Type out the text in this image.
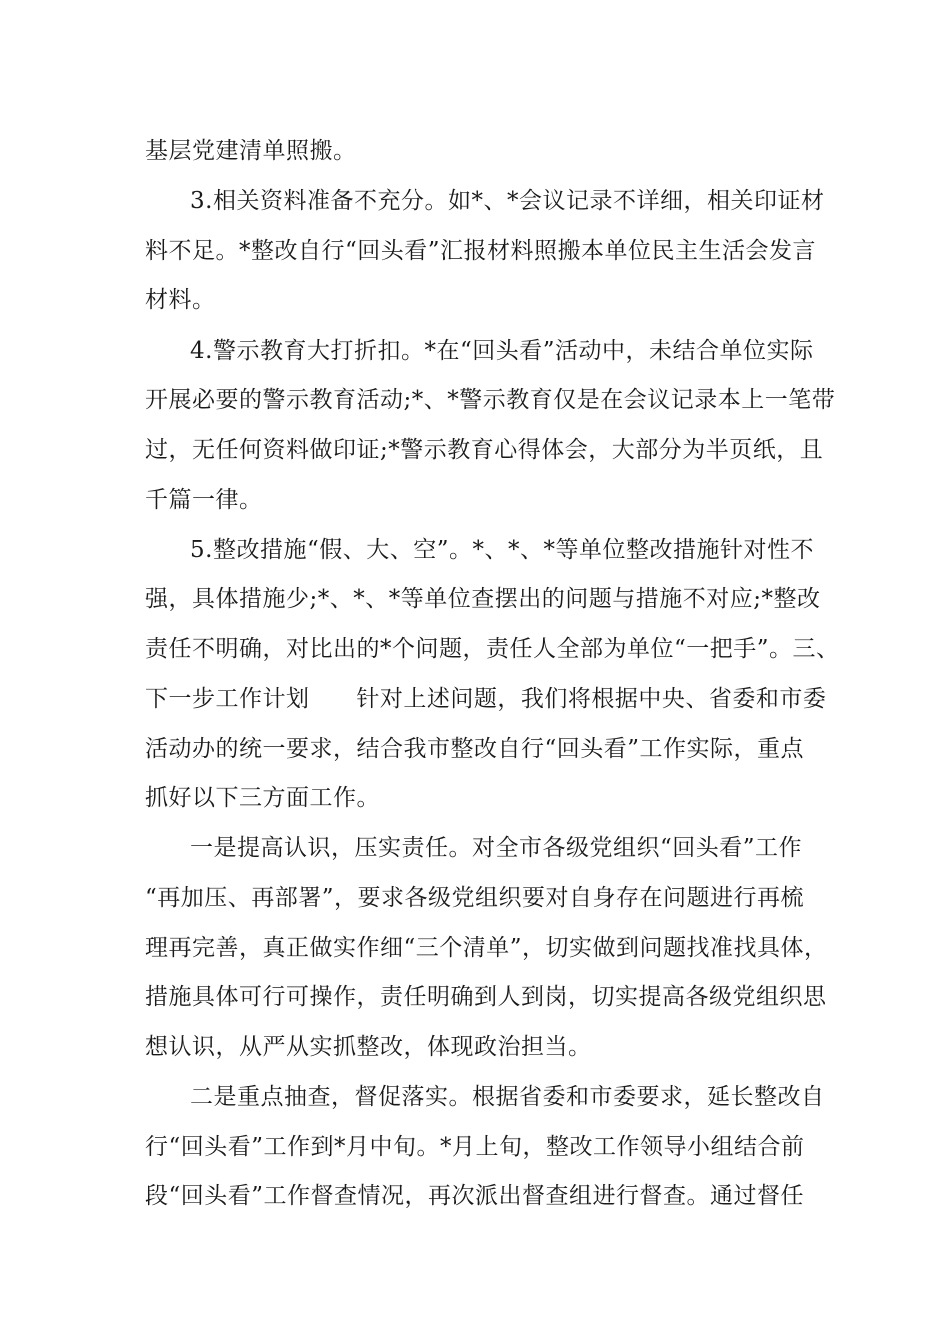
基层党建清单照搬。
3.相关资料准备不充分。如*、*会议记录不详细，相关印证材
料不足。*整改自行“回头看”汇报材料照搬本单位民主生活会发言
材料。
4.警示教育大打折扣。*在“回头看”活动中，未结合单位实际
开展必要的警示教育活动;*、*警示教育仅是在会议记录本上一笔带
过，无任何资料做印证;*警示教育心得体会，大部分为半页纸，且
千篇一律。
5.整改措施“假、大、空”。*、*、*等单位整改措施针对性不
强，具体措施少;*、*、*等单位查摆出的问题与措施不对应;*整改
责任不明确，对比出的*个问题，责任人全部为单位“一把手”。三、
下一步工作计划      针对上述问题，我们将根据中央、省委和市委
活动办的统一要求，结合我市整改自行“回头看”工作实际，重点
抓好以下三方面工作。
一是提高认识，压实责任。对全市各级党组织“回头看”工作
“再加压、再部署”，要求各级党组织要对自身存在问题进行再梳
理再完善，真正做实作细“三个清单”，切实做到问题找准找具体，
措施具体可行可操作，责任明确到人到岗，切实提高各级党组织思
想认识，从严从实抓整改，体现政治担当。
二是重点抽查，督促落实。根据省委和市委要求，延长整改自
行“回头看”工作到*月中旬。*月上旬，整改工作领导小组结合前
段“回头看”工作督查情况，再次派出督查组进行督查。通过督任
